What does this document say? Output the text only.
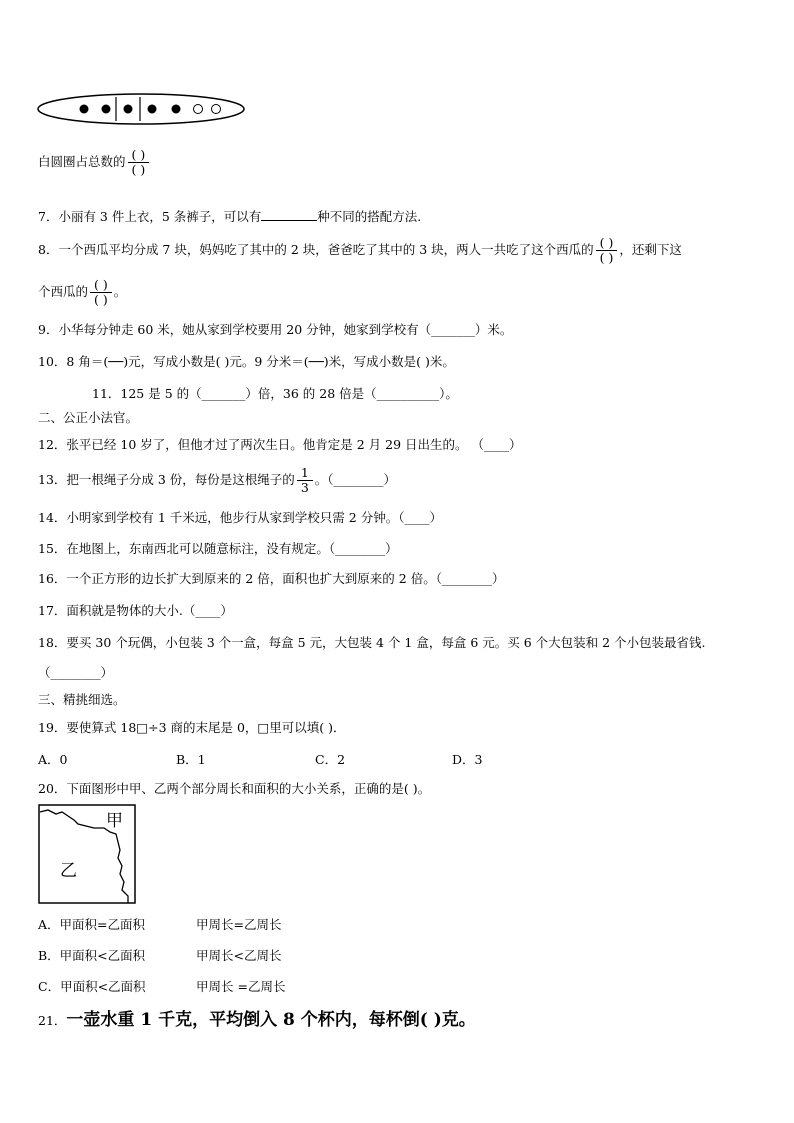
白圆圈占总数的 $\frac{( )}{( )}$
7．小丽有 3 件上衣，5 条裤子，可以有	种不同的搭配方法.
8．一个西瓜平均分成 7 块，妈妈吃了其中的 2 块，爸爸吃了其中的 3 块，两人一共吃了这个西瓜的 $\frac{( )}{( )}$ ，还剩下这
个西瓜的 $\frac{( )}{( )}$ 。
9．小华每分钟走 60 米，她从家到学校要用 20 分钟，她家到学校有（_______）米。
10．8 角＝(──)元，写成小数是( )元。9 分米＝(──)米，写成小数是( )米。
11．125 是 5 的（_______）倍，36 的 28 倍是（__________）。
二、公正小法官。
12．张平已经 10 岁了，但他才过了两次生日。他肯定是 2 月 29 日出生的。 （____）
13．把一根绳子分成 3 份，每份是这根绳子的 $\frac{1}{3}$ 。（________）
14．小明家到学校有 1 千米远，他步行从家到学校只需 2 分钟。（____）
15．在地图上，东南西北可以随意标注，没有规定。（________）
16．一个正方形的边长扩大到原来的 2 倍，面积也扩大到原来的 2 倍。（________）
17．面积就是物体的大小.（____）
18．要买 30 个玩偶，小包装 3 个一盒，每盒 5 元，大包装 4 个 1 盒，每盒 6 元。买 6 个大包装和 2 个小包装最省钱.
（________）
三、精挑细选。
19．要使算式 18□÷3 商的末尾是 0，□里可以填( )．
A．0	B．1	C．2	D．3
20．下面图形中甲、乙两个部分周长和面积的大小关系，正确的是( )。
甲
乙
A．甲面积=乙面积	甲周长=乙周长
B．甲面积<乙面积	甲周长<乙周长
C．甲面积<乙面积	甲周长 =乙周长
21．一壶水重 1 千克，平均倒入 8 个杯内，每杯倒( )克。
